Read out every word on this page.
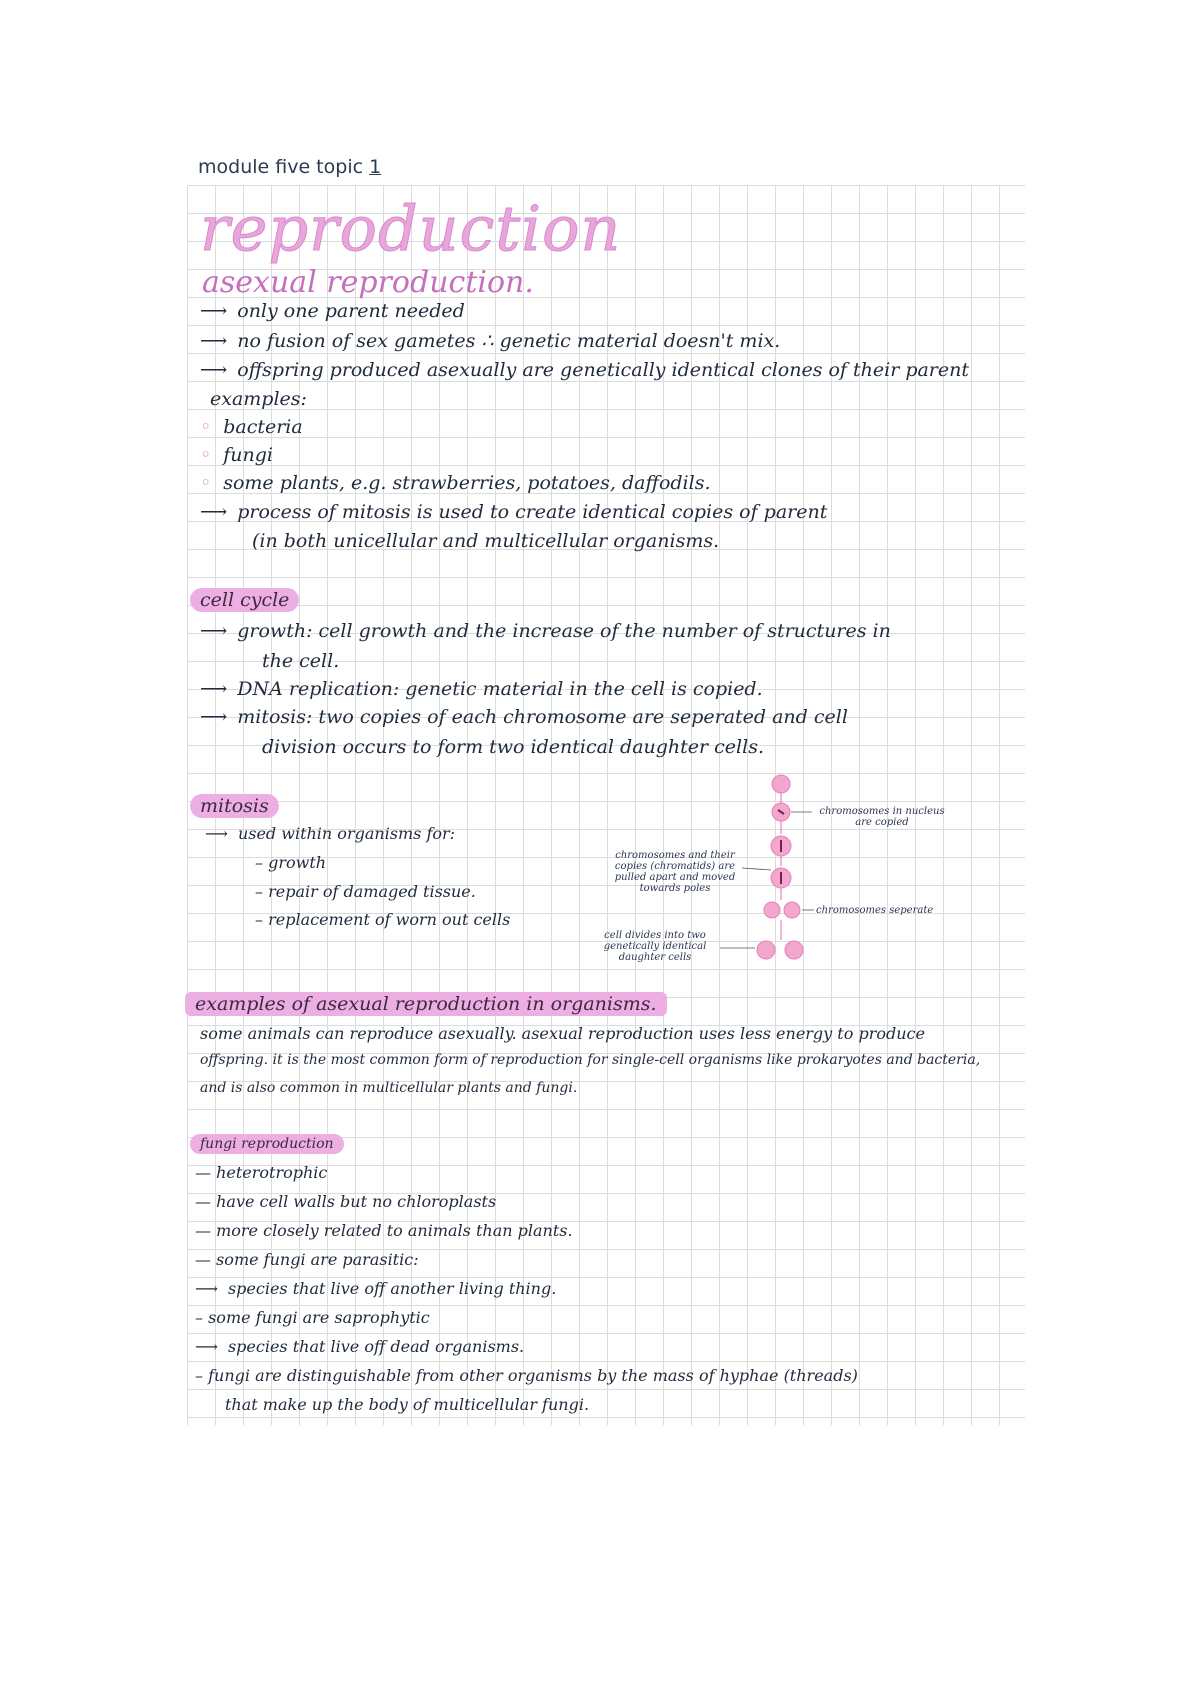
module five topic 1
reproduction
asexual reproduction.
⟶ only one parent needed
⟶ no fusion of sex gametes ∴ genetic material doesn't mix.
⟶ offspring produced asexually are genetically identical clones of their parent
examples:
◦ bacteria
◦ fungi
◦ some plants, e.g. strawberries, potatoes, daffodils.
⟶ process of mitosis is used to create identical copies of parent
(in both unicellular and multicellular organisms.
cell cycle
⟶ growth: cell growth and the increase of the number of structures in
the cell.
⟶ DNA replication: genetic material in the cell is copied.
⟶ mitosis: two copies of each chromosome are seperated and cell
division occurs to form two identical daughter cells.
mitosis
⟶ used within organisms for:
– growth
– repair of damaged tissue.
– replacement of worn out cells
chromosomes in nucleus are copied
chromosomes and their copies (chromatids) are pulled apart and moved towards poles
chromosomes seperate
cell divides into two genetically identical daughter cells
examples of asexual reproduction in organisms.
some animals can reproduce asexually. asexual reproduction uses less energy to produce
offspring. it is the most common form of reproduction for single-cell organisms like prokaryotes and bacteria,
and is also common in multicellular plants and fungi.
fungi reproduction
— heterotrophic
— have cell walls but no chloroplasts
— more closely related to animals than plants.
— some fungi are parasitic:
⟶ species that live off another living thing.
– some fungi are saprophytic
⟶ species that live off dead organisms.
– fungi are distinguishable from other organisms by the mass of hyphae (threads)
that make up the body of multicellular fungi.
